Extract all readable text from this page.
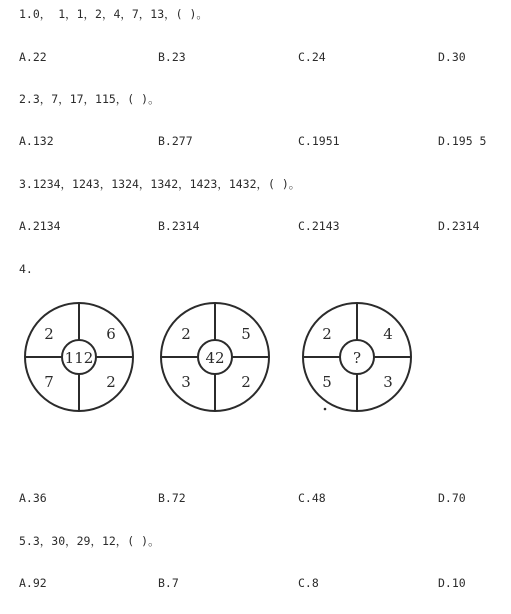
1.0， 1，1，2，4，7，13，( )。
A.22	B.23	C.24	D.30
2.3，7，17，115，( )。
A.132	B.277	C.1951	D.195 5
3.1234，1243，1324，1342，1423，1432，( )。
A.2134	B.2314	C.2143	D.2314
4.
112
2	6
7	2
42
2	5
3	2
?
2	4
5	3
A.36	B.72	C.48	D.70
5.3，30，29，12，( )。
A.92	B.7	C.8	D.10
